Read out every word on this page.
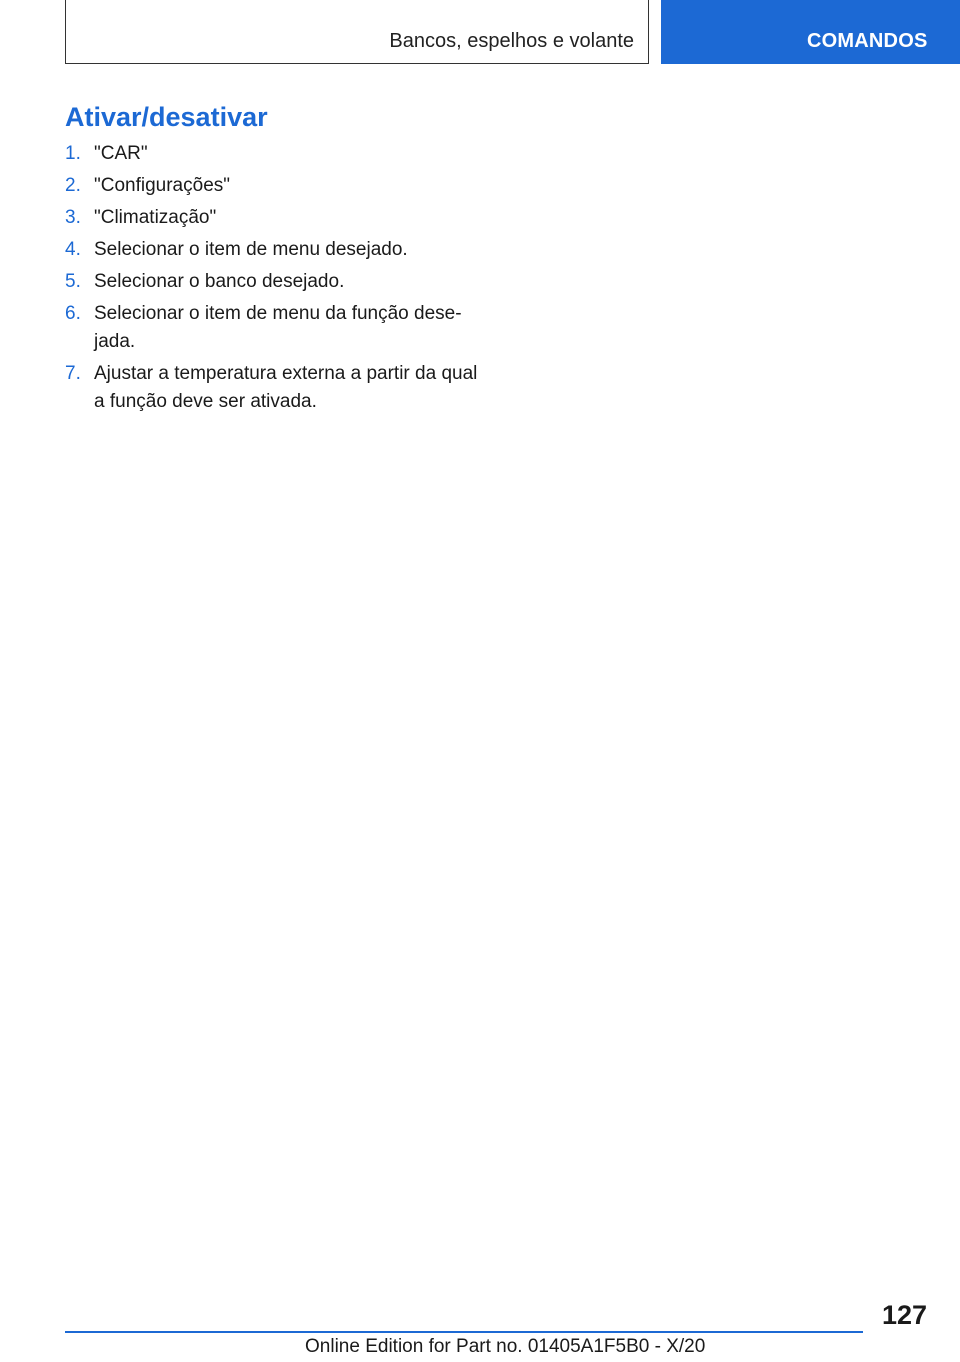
Bancos, espelhos e volante	COMANDOS
Ativar/desativar
1. "CAR"
2. "Configurações"
3. "Climatização"
4. Selecionar o item de menu desejado.
5. Selecionar o banco desejado.
6. Selecionar o item de menu da função dese-jada.
7. Ajustar a temperatura externa a partir da qual a função deve ser ativada.
127
Online Edition for Part no. 01405A1F5B0 - X/20
